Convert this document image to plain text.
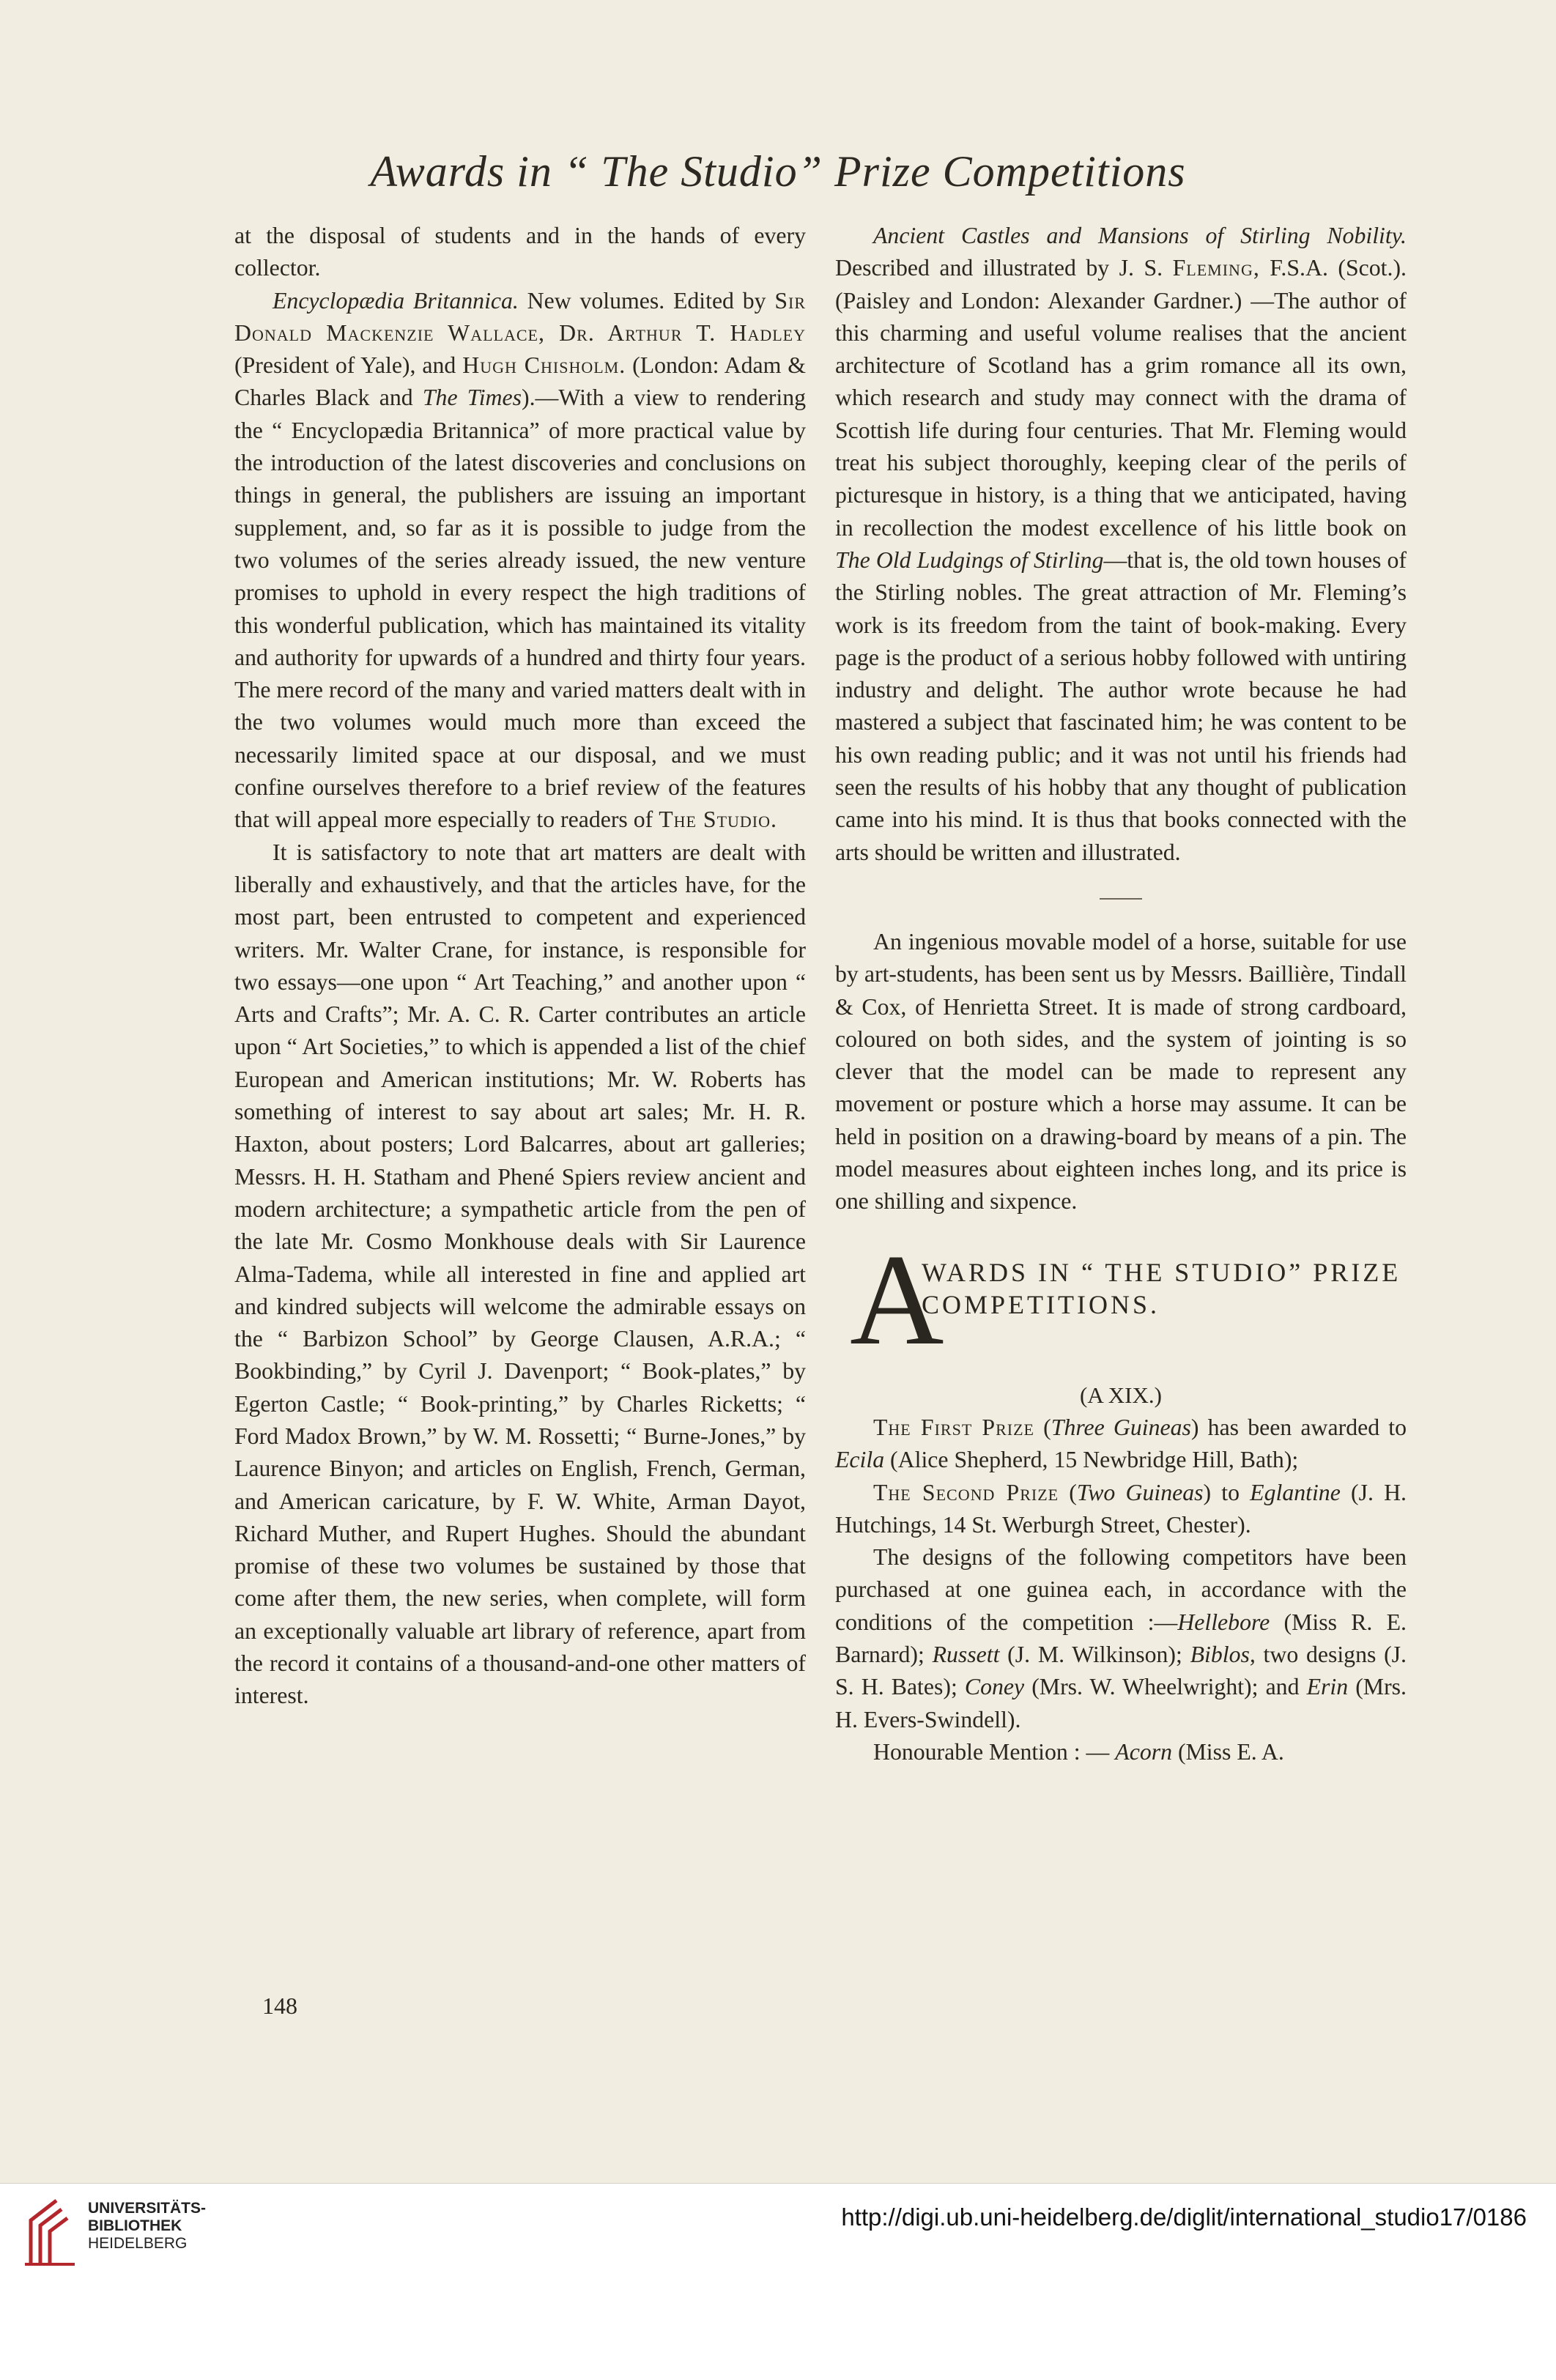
Awards in “ The Studio” Prize Competitions

at the disposal of students and in the hands of every collector.

Encyclopædia Britannica. New volumes. Edited by Sir Donald Mackenzie Wallace, Dr. Arthur T. Hadley (President of Yale), and Hugh Chisholm. (London: Adam & Charles Black and The Times).—With a view to rendering the “ Encyclopædia Britannica” of more practical value by the introduction of the latest discoveries and conclusions on things in general, the publishers are issuing an important supplement, and, so far as it is possible to judge from the two volumes of the series already issued, the new venture promises to uphold in every respect the high traditions of this wonderful publication, which has maintained its vitality and authority for upwards of a hundred and thirty four years. The mere record of the many and varied matters dealt with in the two volumes would much more than exceed the necessarily limited space at our disposal, and we must confine ourselves therefore to a brief review of the features that will appeal more especially to readers of The Studio.

It is satisfactory to note that art matters are dealt with liberally and exhaustively, and that the articles have, for the most part, been entrusted to competent and experienced writers. Mr. Walter Crane, for instance, is responsible for two essays—one upon “ Art Teaching,” and another upon “ Arts and Crafts”; Mr. A. C. R. Carter contributes an article upon “ Art Societies,” to which is appended a list of the chief European and American institutions; Mr. W. Roberts has something of interest to say about art sales; Mr. H. R. Haxton, about posters; Lord Balcarres, about art galleries; Messrs. H. H. Statham and Phené Spiers review ancient and modern architecture; a sympathetic article from the pen of the late Mr. Cosmo Monkhouse deals with Sir Laurence Alma-Tadema, while all interested in fine and applied art and kindred subjects will welcome the admirable essays on the “ Barbizon School” by George Clausen, A.R.A.; “ Bookbinding,” by Cyril J. Davenport; “ Book-plates,” by Egerton Castle; “ Book-printing,” by Charles Ricketts; “ Ford Madox Brown,” by W. M. Rossetti; “ Burne-Jones,” by Laurence Binyon; and articles on English, French, German, and American caricature, by F. W. White, Arman Dayot, Richard Muther, and Rupert Hughes. Should the abundant promise of these two volumes be sustained by those that come after them, the new series, when complete, will form an exceptionally valuable art library of reference, apart from the record it contains of a thousand-and-one other matters of interest.

148

Ancient Castles and Mansions of Stirling Nobility. Described and illustrated by J. S. Fleming, F.S.A. (Scot.). (Paisley and London: Alexander Gardner.) —The author of this charming and useful volume realises that the ancient architecture of Scotland has a grim romance all its own, which research and study may connect with the drama of Scottish life during four centuries. That Mr. Fleming would treat his subject thoroughly, keeping clear of the perils of picturesque in history, is a thing that we anticipated, having in recollection the modest excellence of his little book on The Old Ludgings of Stirling—that is, the old town houses of the Stirling nobles. The great attraction of Mr. Fleming’s work is its freedom from the taint of book-making. Every page is the product of a serious hobby followed with untiring industry and delight. The author wrote because he had mastered a subject that fascinated him; he was content to be his own reading public; and it was not until his friends had seen the results of his hobby that any thought of publication came into his mind. It is thus that books connected with the arts should be written and illustrated.

An ingenious movable model of a horse, suitable for use by art-students, has been sent us by Messrs. Baillière, Tindall & Cox, of Henrietta Street. It is made of strong cardboard, coloured on both sides, and the system of jointing is so clever that the model can be made to represent any movement or posture which a horse may assume. It can be held in position on a drawing-board by means of a pin. The model measures about eighteen inches long, and its price is one shilling and sixpence.

A
WARDS IN “ THE STUDIO” PRIZE COMPETITIONS.

(A XIX.)

The First Prize (Three Guineas) has been awarded to Ecila (Alice Shepherd, 15 Newbridge Hill, Bath);

The Second Prize (Two Guineas) to Eglantine (J. H. Hutchings, 14 St. Werburgh Street, Chester).

The designs of the following competitors have been purchased at one guinea each, in accordance with the conditions of the competition :—Hellebore (Miss R. E. Barnard); Russett (J. M. Wilkinson); Biblos, two designs (J. S. H. Bates); Coney (Mrs. W. Wheelwright); and Erin (Mrs. H. Evers-Swindell).

Honourable Mention : — Acorn (Miss E. A.

UNIVERSITÄTS-
BIBLIOTHEK
HEIDELBERG
http://digi.ub.uni-heidelberg.de/diglit/international_studio17/0186
